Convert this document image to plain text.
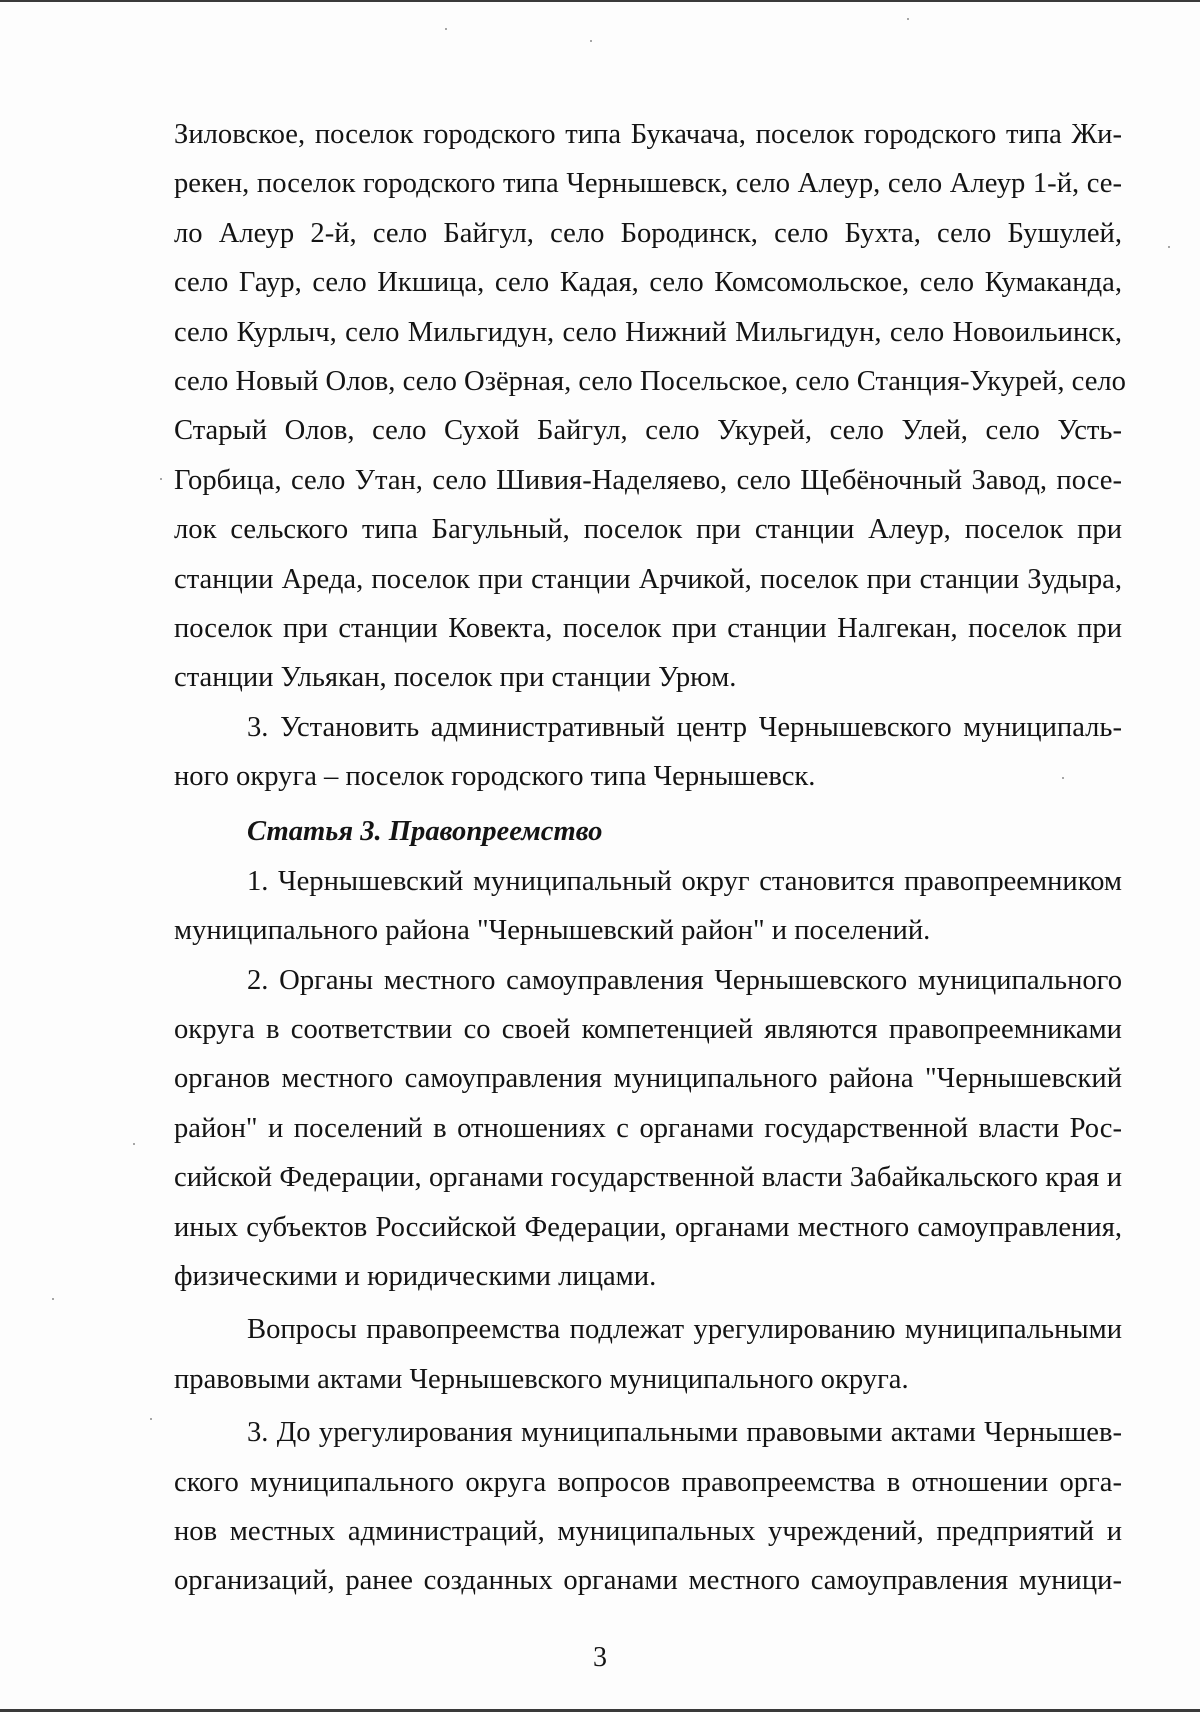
Зиловское, поселок городского типа Букачача, поселок городского типа Жи-
рекен, поселок городского типа Чернышевск, село Алеур, село Алеур 1-й, се-
ло Алеур 2-й, село Байгул, село Бородинск, село Бухта, село Бушулей,
село Гаур, село Икшица, село Кадая, село Комсомольское, село Кумаканда,
село Курлыч, село Мильгидун, село Нижний Мильгидун, село Новоильинск,
село Новый Олов, село Озёрная, село Посельское, село Станция-Укурей, село
Старый Олов, село Сухой Байгул, село Укурей, село Улей, село Усть-
Горбица, село Утан, село Шивия-Наделяево, село Щебёночный Завод, посе-
лок сельского типа Багульный, поселок при станции Алеур, поселок при
станции Ареда, поселок при станции Арчикой, поселок при станции Зудыра,
поселок при станции Ковекта, поселок при станции Налгекан, поселок при
станции Ульякан, поселок при станции Урюм.
3. Установить административный центр Чернышевского муниципаль-
ного округа – поселок городского типа Чернышевск.
Статья 3. Правопреемство
1. Чернышевский муниципальный округ становится правопреемником
муниципального района "Чернышевский район" и поселений.
2. Органы местного самоуправления Чернышевского муниципального
округа в соответствии со своей компетенцией являются правопреемниками
органов местного самоуправления муниципального района "Чернышевский
район" и поселений в отношениях с органами государственной власти Рос-
сийской Федерации, органами государственной власти Забайкальского края и
иных субъектов Российской Федерации, органами местного самоуправления,
физическими и юридическими лицами.
Вопросы правопреемства подлежат урегулированию муниципальными
правовыми актами Чернышевского муниципального округа.
3. До урегулирования муниципальными правовыми актами Чернышев-
ского муниципального округа вопросов правопреемства в отношении орга-
нов местных администраций, муниципальных учреждений, предприятий и
организаций, ранее созданных органами местного самоуправления муници-
3
